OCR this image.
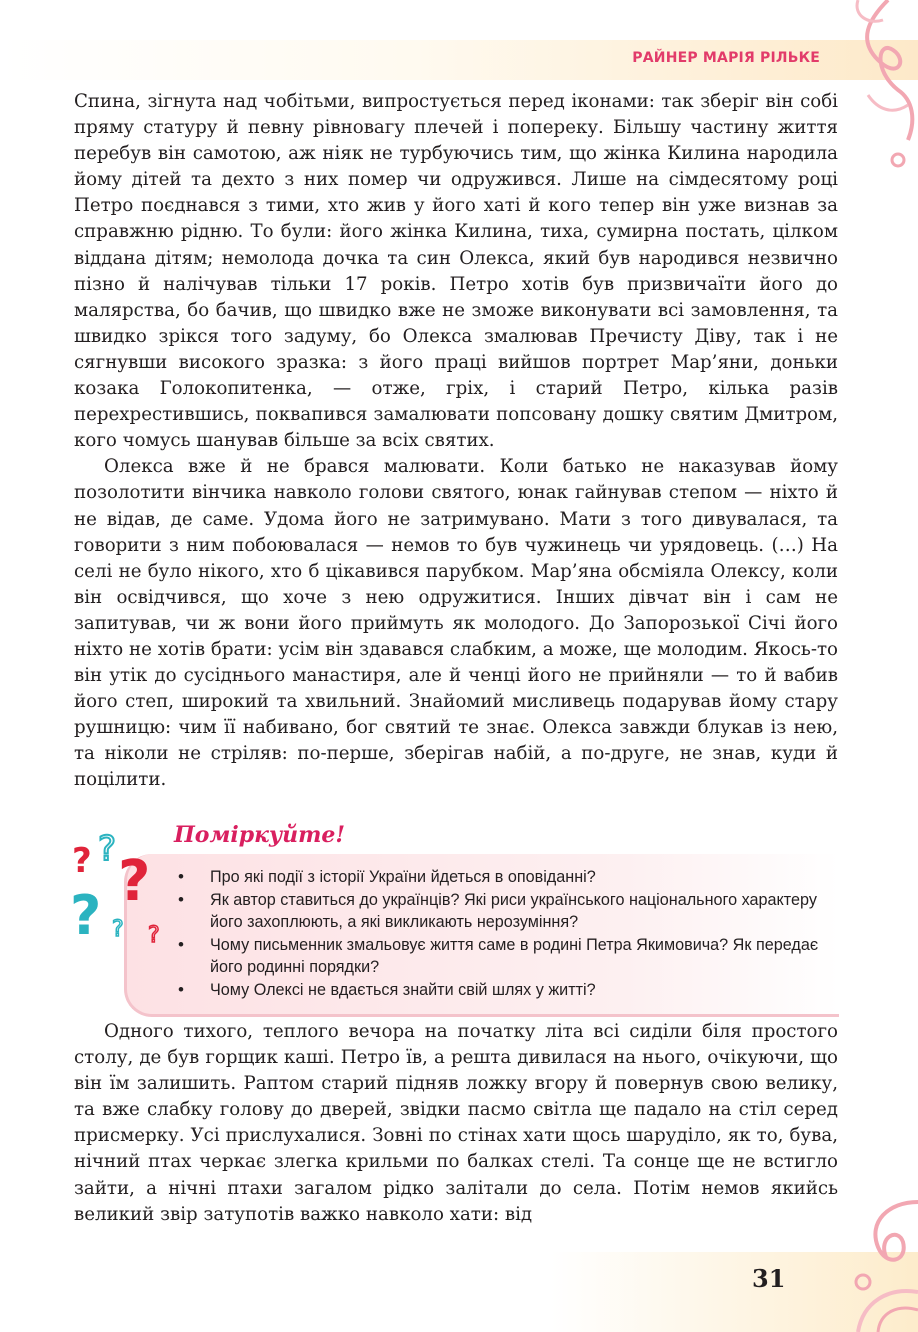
РАЙНЕР МАРІЯ РІЛЬКЕ

Спина, зігнута над чобітьми, випростується перед іконами: так зберіг він собі пряму статуру й певну рівновагу плечей і попереку. Більшу частину життя перебув він самотою, аж ніяк не турбуючись тим, що жінка Килина народила йому дітей та дехто з них помер чи одружився. Лише на сімдесятому році Петро поєднався з тими, хто жив у його хаті й кого тепер він уже визнав за справжню рідню. То були: його жінка Килина, тиха, сумирна постать, цілком віддана дітям; немолода дочка та син Олекса, який був народився незвично пізно й налічував тільки 17 років. Петро хотів був призвичаїти його до малярства, бо бачив, що швидко вже не зможе виконувати всі замовлення, та швидко зрікся того задуму, бо Олекса змалював Пречисту Діву, так і не сягнувши високого зразка: з його праці вийшов портрет Мар’яни, доньки козака Голокопитенка, — отже, гріх, і старий Петро, кілька разів перехрестившись, поквапився замалювати попсовану дошку святим Дмитром, кого чомусь шанував більше за всіх святих.

Олекса вже й не брався малювати. Коли батько не наказував йому позолотити вінчика навколо голови святого, юнак гайнував степом — ніхто й не відав, де саме. Удома його не затримувано. Мати з того дивувалася, та говорити з ним побоювалася — немов то був чужинець чи урядовець. (…) На селі не було нікого, хто б цікавився парубком. Мар’яна обсміяла Олексу, коли він освідчився, що хоче з нею одружитися. Інших дівчат він і сам не запитував, чи ж вони його приймуть як молодого. До Запорозької Січі його ніхто не хотів брати: усім він здавався слабким, а може, ще молодим. Якось-то він утік до сусіднього манастиря, але й ченці його не прийняли — то й вабив його степ, широкий та хвильний. Знайомий мисливець подарував йому стару рушницю: чим її набивано, бог святий те знає. Олекса завжди блукав із нею, та ніколи не стріляв: по-перше, зберігав набій, а по-друге, не знав, куди й поцілити.

? ? ?
? ? ?
Поміркуйте!
• Про які події з історії України йдеться в оповіданні?
• Як автор ставиться до українців? Які риси українського національного характеру його захоплюють, а які викликають нерозуміння?
• Чому письменник змальовує життя саме в родині Петра Якимовича? Як передає його родинні порядки?
• Чому Олексі не вдається знайти свій шлях у житті?

Одного тихого, теплого вечора на початку літа всі сиділи біля простого столу, де був горщик каші. Петро їв, а решта дивилася на нього, очікуючи, що він їм залишить. Раптом старий підняв ложку вгору й повернув свою велику, та вже слабку голову до дверей, звідки пасмо світла ще падало на стіл серед присмерку. Усі прислухалися. Зовні по стінах хати щось шаруділо, як то, бува, нічний птах черкає злегка крильми по балках стелі. Та сонце ще не встигло зайти, а нічні птахи загалом рідко залітали до села. Потім немов якийсь великий звір затупотів важко навколо хати: від

31
